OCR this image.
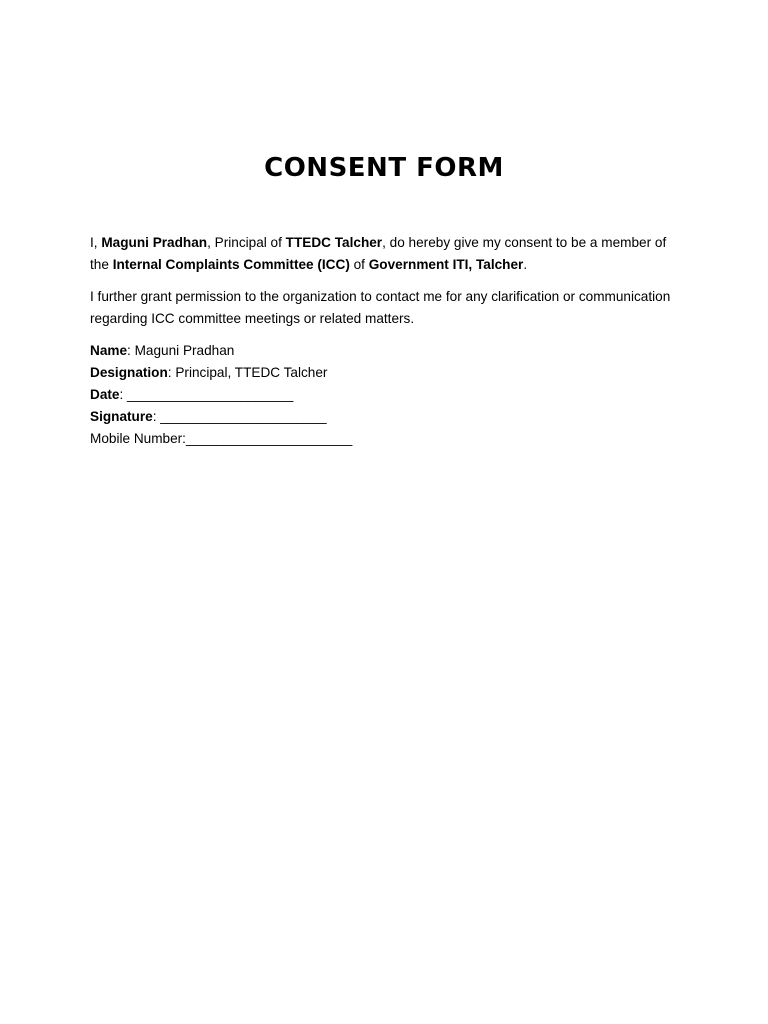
CONSENT FORM

I, Maguni Pradhan, Principal of TTEDC Talcher, do hereby give my consent to be a member of the Internal Complaints Committee (ICC) of Government ITI, Talcher.

I further grant permission to the organization to contact me for any clarification or communication regarding ICC committee meetings or related matters.

Name: Maguni Pradhan
Designation: Principal, TTEDC Talcher
Date: ______________________
Signature: ______________________
Mobile Number:______________________
